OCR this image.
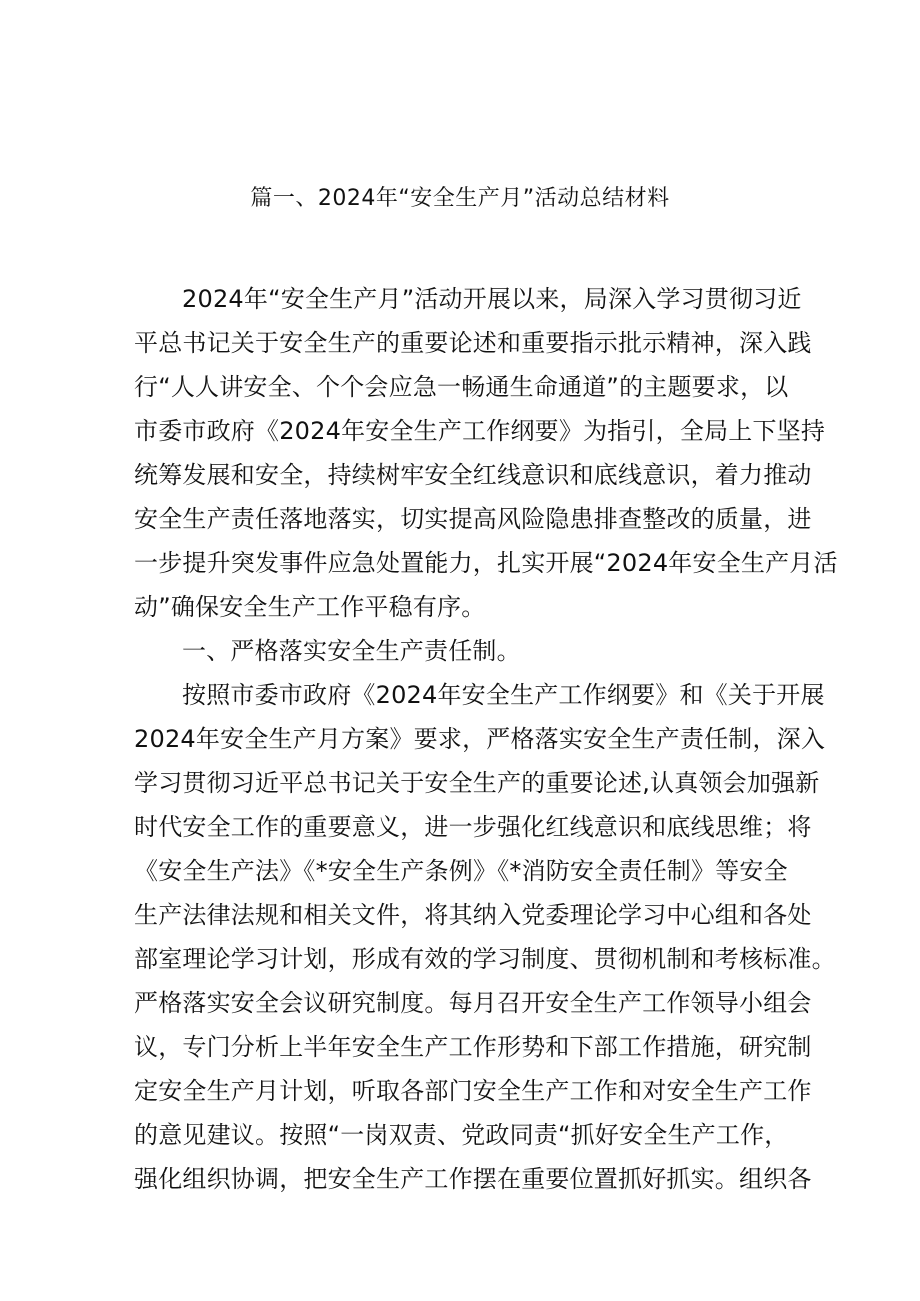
篇一、2024年“安全生产月”活动总结材料
2024年“安全生产月”活动开展以来，局深入学习贯彻习近
平总书记关于安全生产的重要论述和重要指示批示精神，深入践
行“人人讲安全、个个会应急一畅通生命通道”的主题要求，以
市委市政府《2024年安全生产工作纲要》为指引，全局上下坚持
统筹发展和安全，持续树牢安全红线意识和底线意识，着力推动
安全生产责任落地落实，切实提高风险隐患排查整改的质量，进
一步提升突发事件应急处置能力，扎实开展“2024年安全生产月活
动”确保安全生产工作平稳有序。
一、严格落实安全生产责任制。
按照市委市政府《2024年安全生产工作纲要》和《关于开展
2024年安全生产月方案》要求，严格落实安全生产责任制，深入
学习贯彻习近平总书记关于安全生产的重要论述,认真领会加强新
时代安全工作的重要意义，进一步强化红线意识和底线思维；将
《安全生产法》《*安全生产条例》《*消防安全责任制》等安全
生产法律法规和相关文件，将其纳入党委理论学习中心组和各处
部室理论学习计划，形成有效的学习制度、贯彻机制和考核标准。
严格落实安全会议研究制度。每月召开安全生产工作领导小组会
议，专门分析上半年安全生产工作形势和下部工作措施，研究制
定安全生产月计划，听取各部门安全生产工作和对安全生产工作
的意见建议。按照“一岗双责、党政同责“抓好安全生产工作，
强化组织协调，把安全生产工作摆在重要位置抓好抓实。组织各
